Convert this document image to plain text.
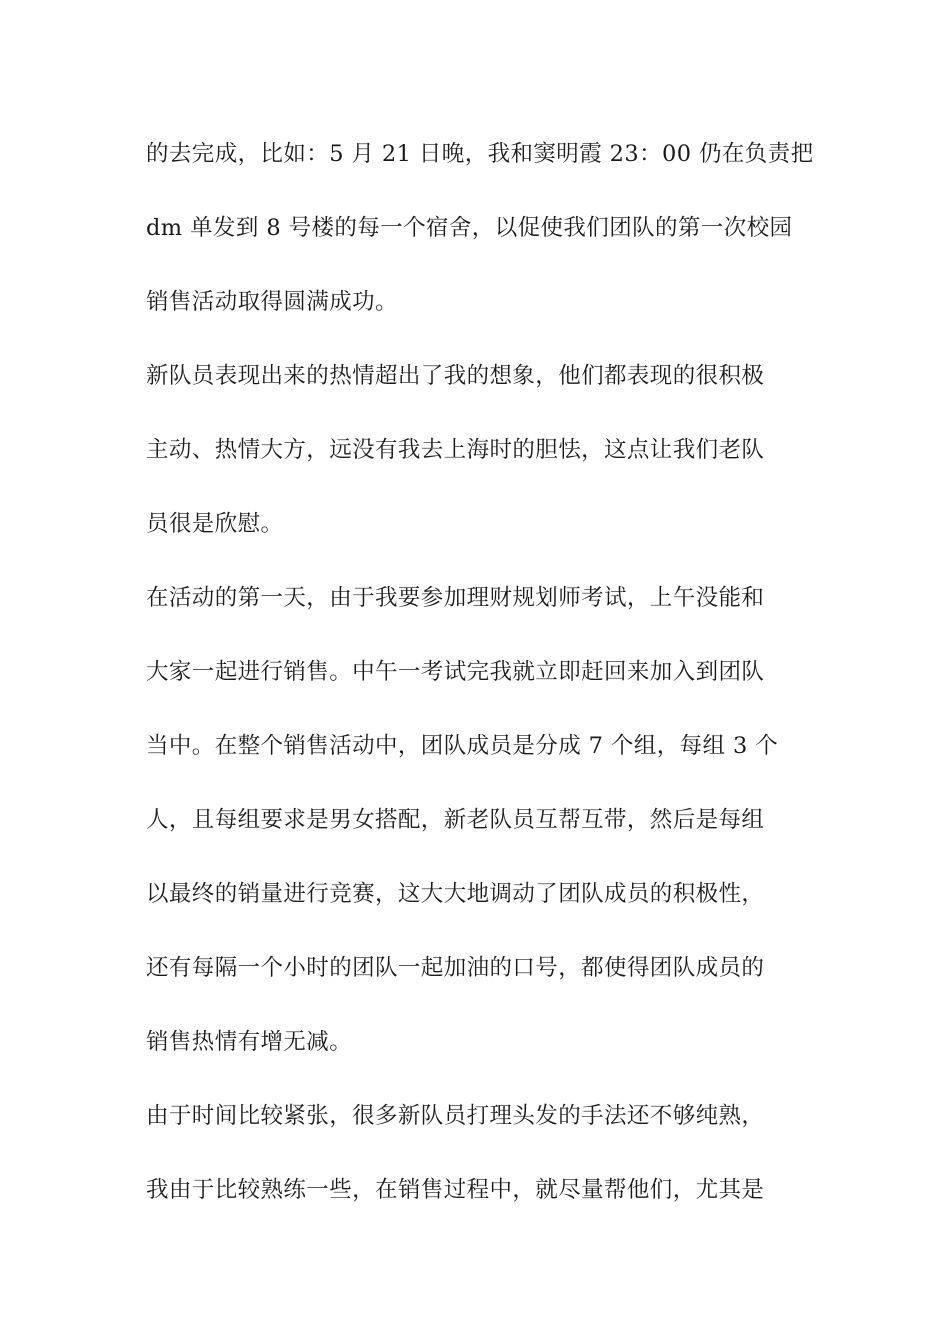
的去完成，比如：5 月 21 日晚，我和窦明霞 23：00 仍在负责把
dm 单发到 8 号楼的每一个宿舍，以促使我们团队的第一次校园
销售活动取得圆满成功。
新队员表现出来的热情超出了我的想象，他们都表现的很积极
主动、热情大方，远没有我去上海时的胆怯，这点让我们老队
员很是欣慰。
在活动的第一天，由于我要参加理财规划师考试，上午没能和
大家一起进行销售。中午一考试完我就立即赶回来加入到团队
当中。在整个销售活动中，团队成员是分成 7 个组，每组 3 个
人，且每组要求是男女搭配，新老队员互帮互带，然后是每组
以最终的销量进行竞赛，这大大地调动了团队成员的积极性，
还有每隔一个小时的团队一起加油的口号，都使得团队成员的
销售热情有增无减。
由于时间比较紧张，很多新队员打理头发的手法还不够纯熟，
我由于比较熟练一些，在销售过程中，就尽量帮他们，尤其是
